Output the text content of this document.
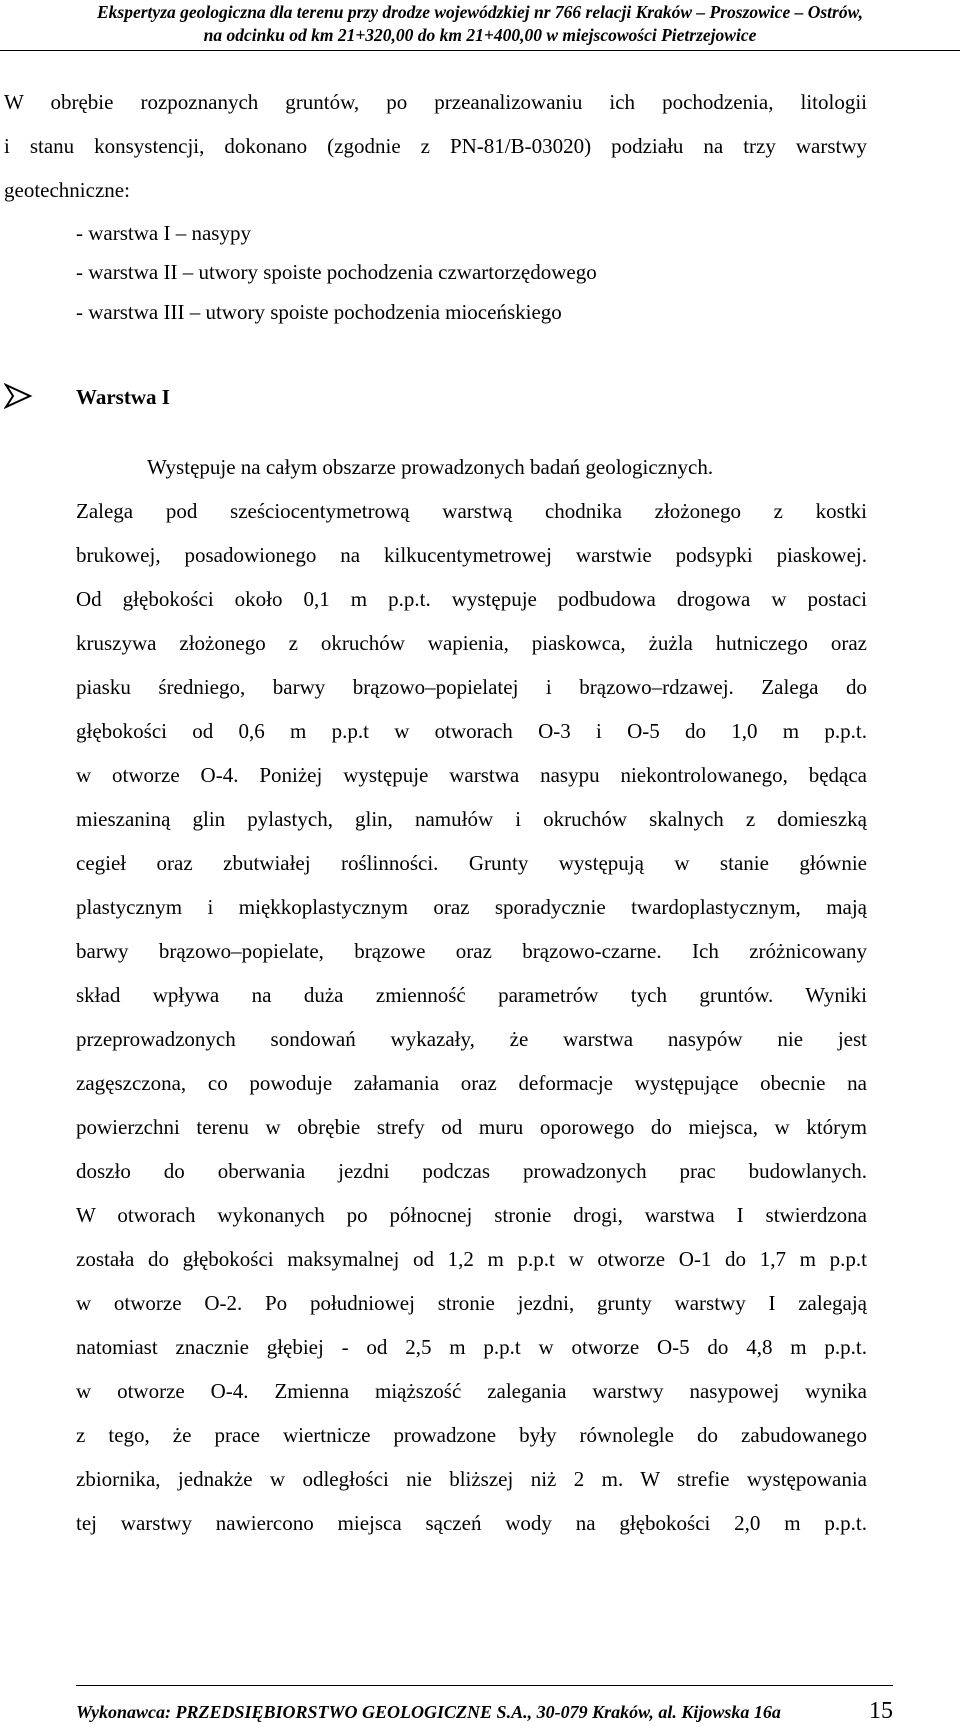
Ekspertyza geologiczna dla terenu przy drodze wojewódzkiej nr 766 relacji Kraków – Proszowice – Ostrów,
na odcinku od km 21+320,00 do km 21+400,00 w miejscowości Pietrzejowice
W obrębie rozpoznanych gruntów, po przeanalizowaniu ich pochodzenia, litologii
i stanu konsystencji, dokonano (zgodnie z PN-81/B-03020) podziału na trzy warstwy
geotechniczne:
- warstwa I – nasypy
- warstwa II – utwory spoiste pochodzenia czwartorzędowego
- warstwa III – utwory spoiste pochodzenia mioceńskiego
Warstwa I
Występuje na całym obszarze prowadzonych badań geologicznych.
Zalega pod sześciocentymetrową warstwą chodnika złożonego z kostki
brukowej, posadowionego na kilkucentymetrowej warstwie podsypki piaskowej.
Od głębokości około 0,1 m p.p.t. występuje podbudowa drogowa w postaci
kruszywa złożonego z okruchów wapienia, piaskowca, żużla hutniczego oraz
piasku średniego, barwy brązowo–popielatej i brązowo–rdzawej. Zalega do
głębokości od 0,6 m p.p.t w otworach O-3 i O-5 do 1,0 m p.p.t.
w otworze O-4. Poniżej występuje warstwa nasypu niekontrolowanego, będąca
mieszaniną glin pylastych, glin, namułów i okruchów skalnych z domieszką
cegieł oraz zbutwiałej roślinności. Grunty występują w stanie głównie
plastycznym i miękkoplastycznym oraz sporadycznie twardoplastycznym, mają
barwy brązowo–popielate, brązowe oraz brązowo-czarne. Ich zróżnicowany
skład wpływa na duża zmienność parametrów tych gruntów. Wyniki
przeprowadzonych sondowań wykazały, że warstwa nasypów nie jest
zagęszczona, co powoduje załamania oraz deformacje występujące obecnie na
powierzchni terenu w obrębie strefy od muru oporowego do miejsca, w którym
doszło do oberwania jezdni podczas prowadzonych prac budowlanych.
W otworach wykonanych po północnej stronie drogi, warstwa I stwierdzona
została do głębokości maksymalnej od 1,2 m p.p.t w otworze O-1 do 1,7 m p.p.t
w otworze O-2. Po południowej stronie jezdni, grunty warstwy I zalegają
natomiast znacznie głębiej - od 2,5 m p.p.t w otworze O-5 do 4,8 m p.p.t.
w otworze O-4. Zmienna miąższość zalegania warstwy nasypowej wynika
z tego, że prace wiertnicze prowadzone były równolegle do zabudowanego
zbiornika, jednakże w odległości nie bliższej niż 2 m. W strefie występowania
tej warstwy nawiercono miejsca sączeń wody na głębokości 2,0 m p.p.t.
Wykonawca: PRZEDSIĘBIORSTWO GEOLOGICZNE S.A., 30-079 Kraków, al. Kijowska 16a	15
